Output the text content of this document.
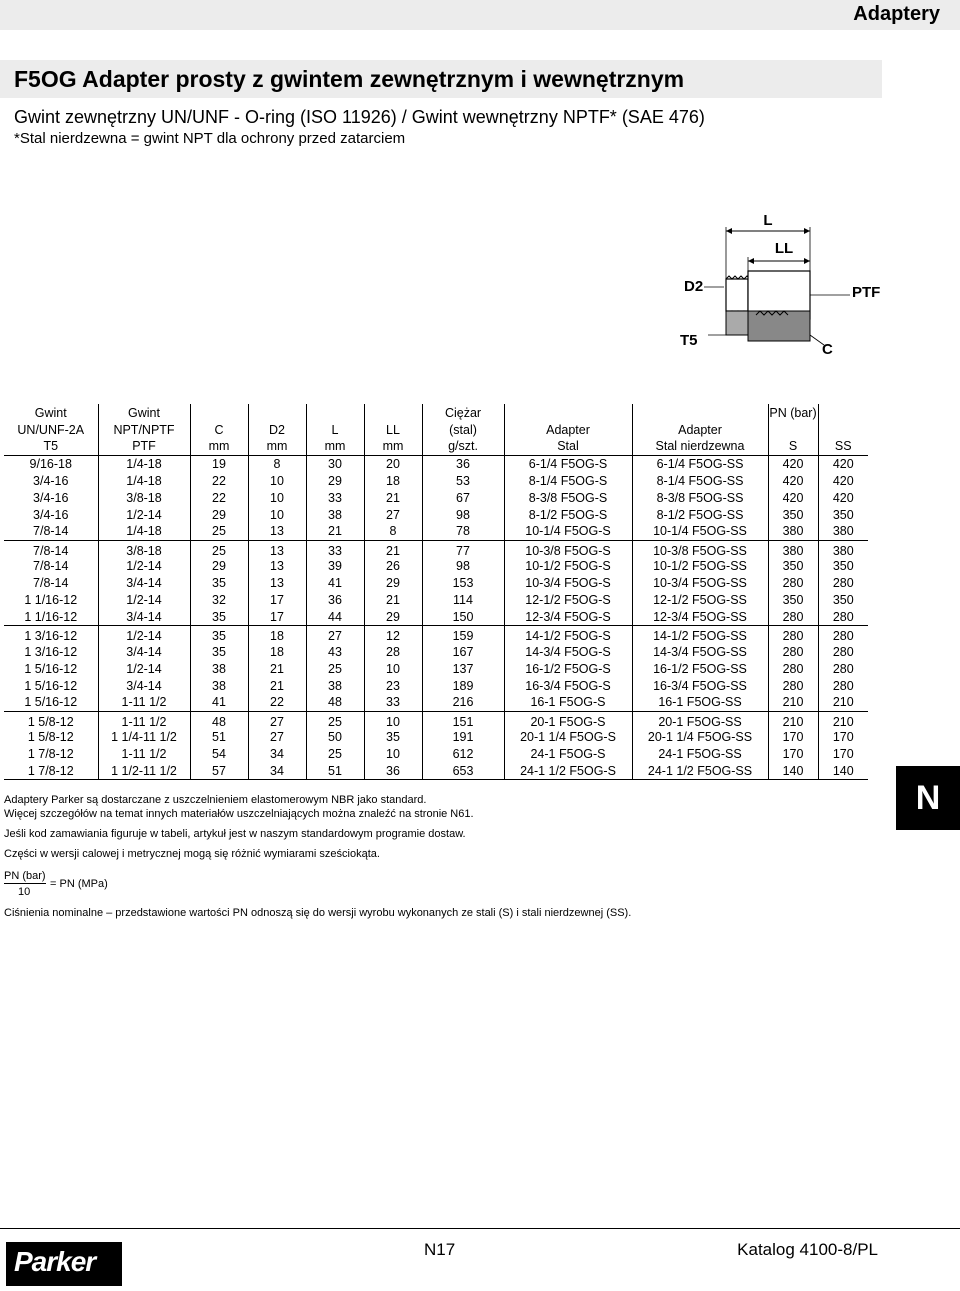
Adaptery
F5OG Adapter prosty z gwintem zewnętrznym i wewnętrznym
Gwint zewnętrzny UN/UNF - O-ring (ISO 11926) / Gwint wewnętrzny NPTF* (SAE 476)
*Stal nierdzewna = gwint NPT dla ochrony przed zatarciem
L
LL
D2	PTF
T5
C
Gwint	Gwint					Ciężar			PN (bar)	
UN/UNF-2A	NPT/NPTF	C	D2	L	LL	(stal)	Adapter	Adapter		
T5	PTF	mm	mm	mm	mm	g/szt.	Stal	Stal nierdzewna	S	SS
9/16-18	1/4-18	19	8	30	20	36	6-1/4 F5OG-S	6-1/4 F5OG-SS	420	420
3/4-16	1/4-18	22	10	29	18	53	8-1/4 F5OG-S	8-1/4 F5OG-SS	420	420
3/4-16	3/8-18	22	10	33	21	67	8-3/8 F5OG-S	8-3/8 F5OG-SS	420	420
3/4-16	1/2-14	29	10	38	27	98	8-1/2 F5OG-S	8-1/2 F5OG-SS	350	350
7/8-14	1/4-18	25	13	21	8	78	10-1/4 F5OG-S	10-1/4 F5OG-SS	380	380
7/8-14	3/8-18	25	13	33	21	77	10-3/8 F5OG-S	10-3/8 F5OG-SS	380	380
7/8-14	1/2-14	29	13	39	26	98	10-1/2 F5OG-S	10-1/2 F5OG-SS	350	350
7/8-14	3/4-14	35	13	41	29	153	10-3/4 F5OG-S	10-3/4 F5OG-SS	280	280
1 1/16-12	1/2-14	32	17	36	21	114	12-1/2 F5OG-S	12-1/2 F5OG-SS	350	350
1 1/16-12	3/4-14	35	17	44	29	150	12-3/4 F5OG-S	12-3/4 F5OG-SS	280	280
1 3/16-12	1/2-14	35	18	27	12	159	14-1/2 F5OG-S	14-1/2 F5OG-SS	280	280
1 3/16-12	3/4-14	35	18	43	28	167	14-3/4 F5OG-S	14-3/4 F5OG-SS	280	280
1 5/16-12	1/2-14	38	21	25	10	137	16-1/2 F5OG-S	16-1/2 F5OG-SS	280	280
1 5/16-12	3/4-14	38	21	38	23	189	16-3/4 F5OG-S	16-3/4 F5OG-SS	280	280
1 5/16-12	1-11 1/2	41	22	48	33	216	16-1 F5OG-S	16-1 F5OG-SS	210	210
1 5/8-12	1-11 1/2	48	27	25	10	151	20-1 F5OG-S	20-1 F5OG-SS	210	210
1 5/8-12	1 1/4-11 1/2	51	27	50	35	191	20-1 1/4 F5OG-S	20-1 1/4 F5OG-SS	170	170
1 7/8-12	1-11 1/2	54	34	25	10	612	24-1 F5OG-S	24-1 F5OG-SS	170	170
1 7/8-12	1 1/2-11 1/2	57	34	51	36	653	24-1 1/2 F5OG-S	24-1 1/2 F5OG-SS	140	140
Adaptery Parker są dostarczane z uszczelnieniem elastomerowym NBR jako standard.
Więcej szczegółów na temat innych materiałów uszczelniających można znaleźć na stronie N61.
Jeśli kod zamawiania figuruje w tabeli, artykuł jest w naszym standardowym programie dostaw.
Części w wersji calowej i metrycznej mogą się różnić wymiarami sześciokąta.
PN (bar)
10
= PN (MPa)
Ciśnienia nominalne – przedstawione wartości PN odnoszą się do wersji wyrobu wykonanych ze stali (S) i stali nierdzewnej (SS).
N
Parker	N17	Katalog 4100-8/PL
